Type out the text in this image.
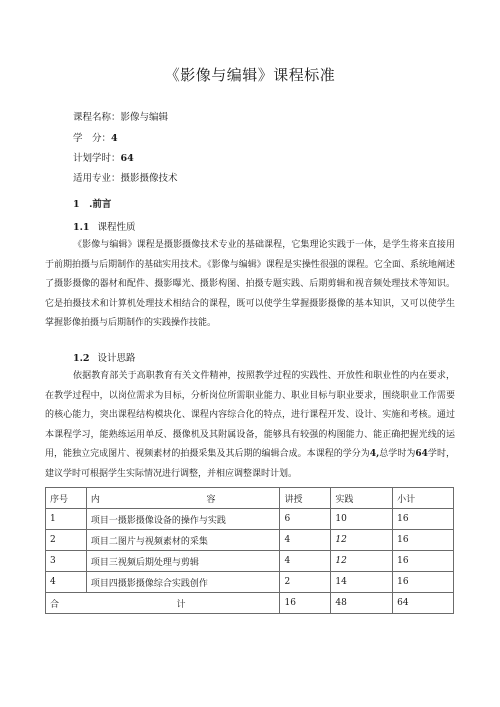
《影像与编辑》课程标准
课程名称：影像与编辑
学　分：4
计划学时：64
适用专业：摄影摄像技术
1　.前言
1.1 课程性质

《影像与编辑》课程是摄影摄像技术专业的基础课程，它集理论实践于一体，是学生将来直接用于前期拍摄与后期制作的基础实用技术。《影像与编辑》课程是实操性很强的课程。它全面、系统地阐述了摄影摄像的器材和配件、摄影曝光、摄影构图、拍摄专题实践、后期剪辑和视音频处理技术等知识。它是拍摄技术和计算机处理技术相结合的课程，既可以使学生掌握摄影摄像的基本知识，又可以使学生掌握影像拍摄与后期制作的实践操作技能。

1.2 设计思路

依据教育部关于高职教育有关文件精神，按照教学过程的实践性、开放性和职业性的内在要求，在教学过程中，以岗位需求为目标，分析岗位所需职业能力、职业目标与职业要求，围绕职业工作需要的核心能力，突出课程结构模块化、课程内容综合化的特点，进行课程开发、设计、实施和考核。通过本课程学习，能熟练运用单反、摄像机及其附属设备，能够具有较强的构图能力、能正确把握光线的运用，能独立完成图片、视频素材的拍摄采集及其后期的编辑合成。本课程的学分为4,总学时为64学时，建议学时可根据学生实际情况进行调整，并相应调整课时计划。

序号	内 容	讲授	实践	小计
1	项目一摄影摄像设备的操作与实践	6	10	16
2	项目二图片与视频素材的采集	4	12	16
3	项目三视频后期处理与剪辑	4	12	16
4	项目四摄影摄像综合实践创作	2	14	16

合 计		16	48	64
